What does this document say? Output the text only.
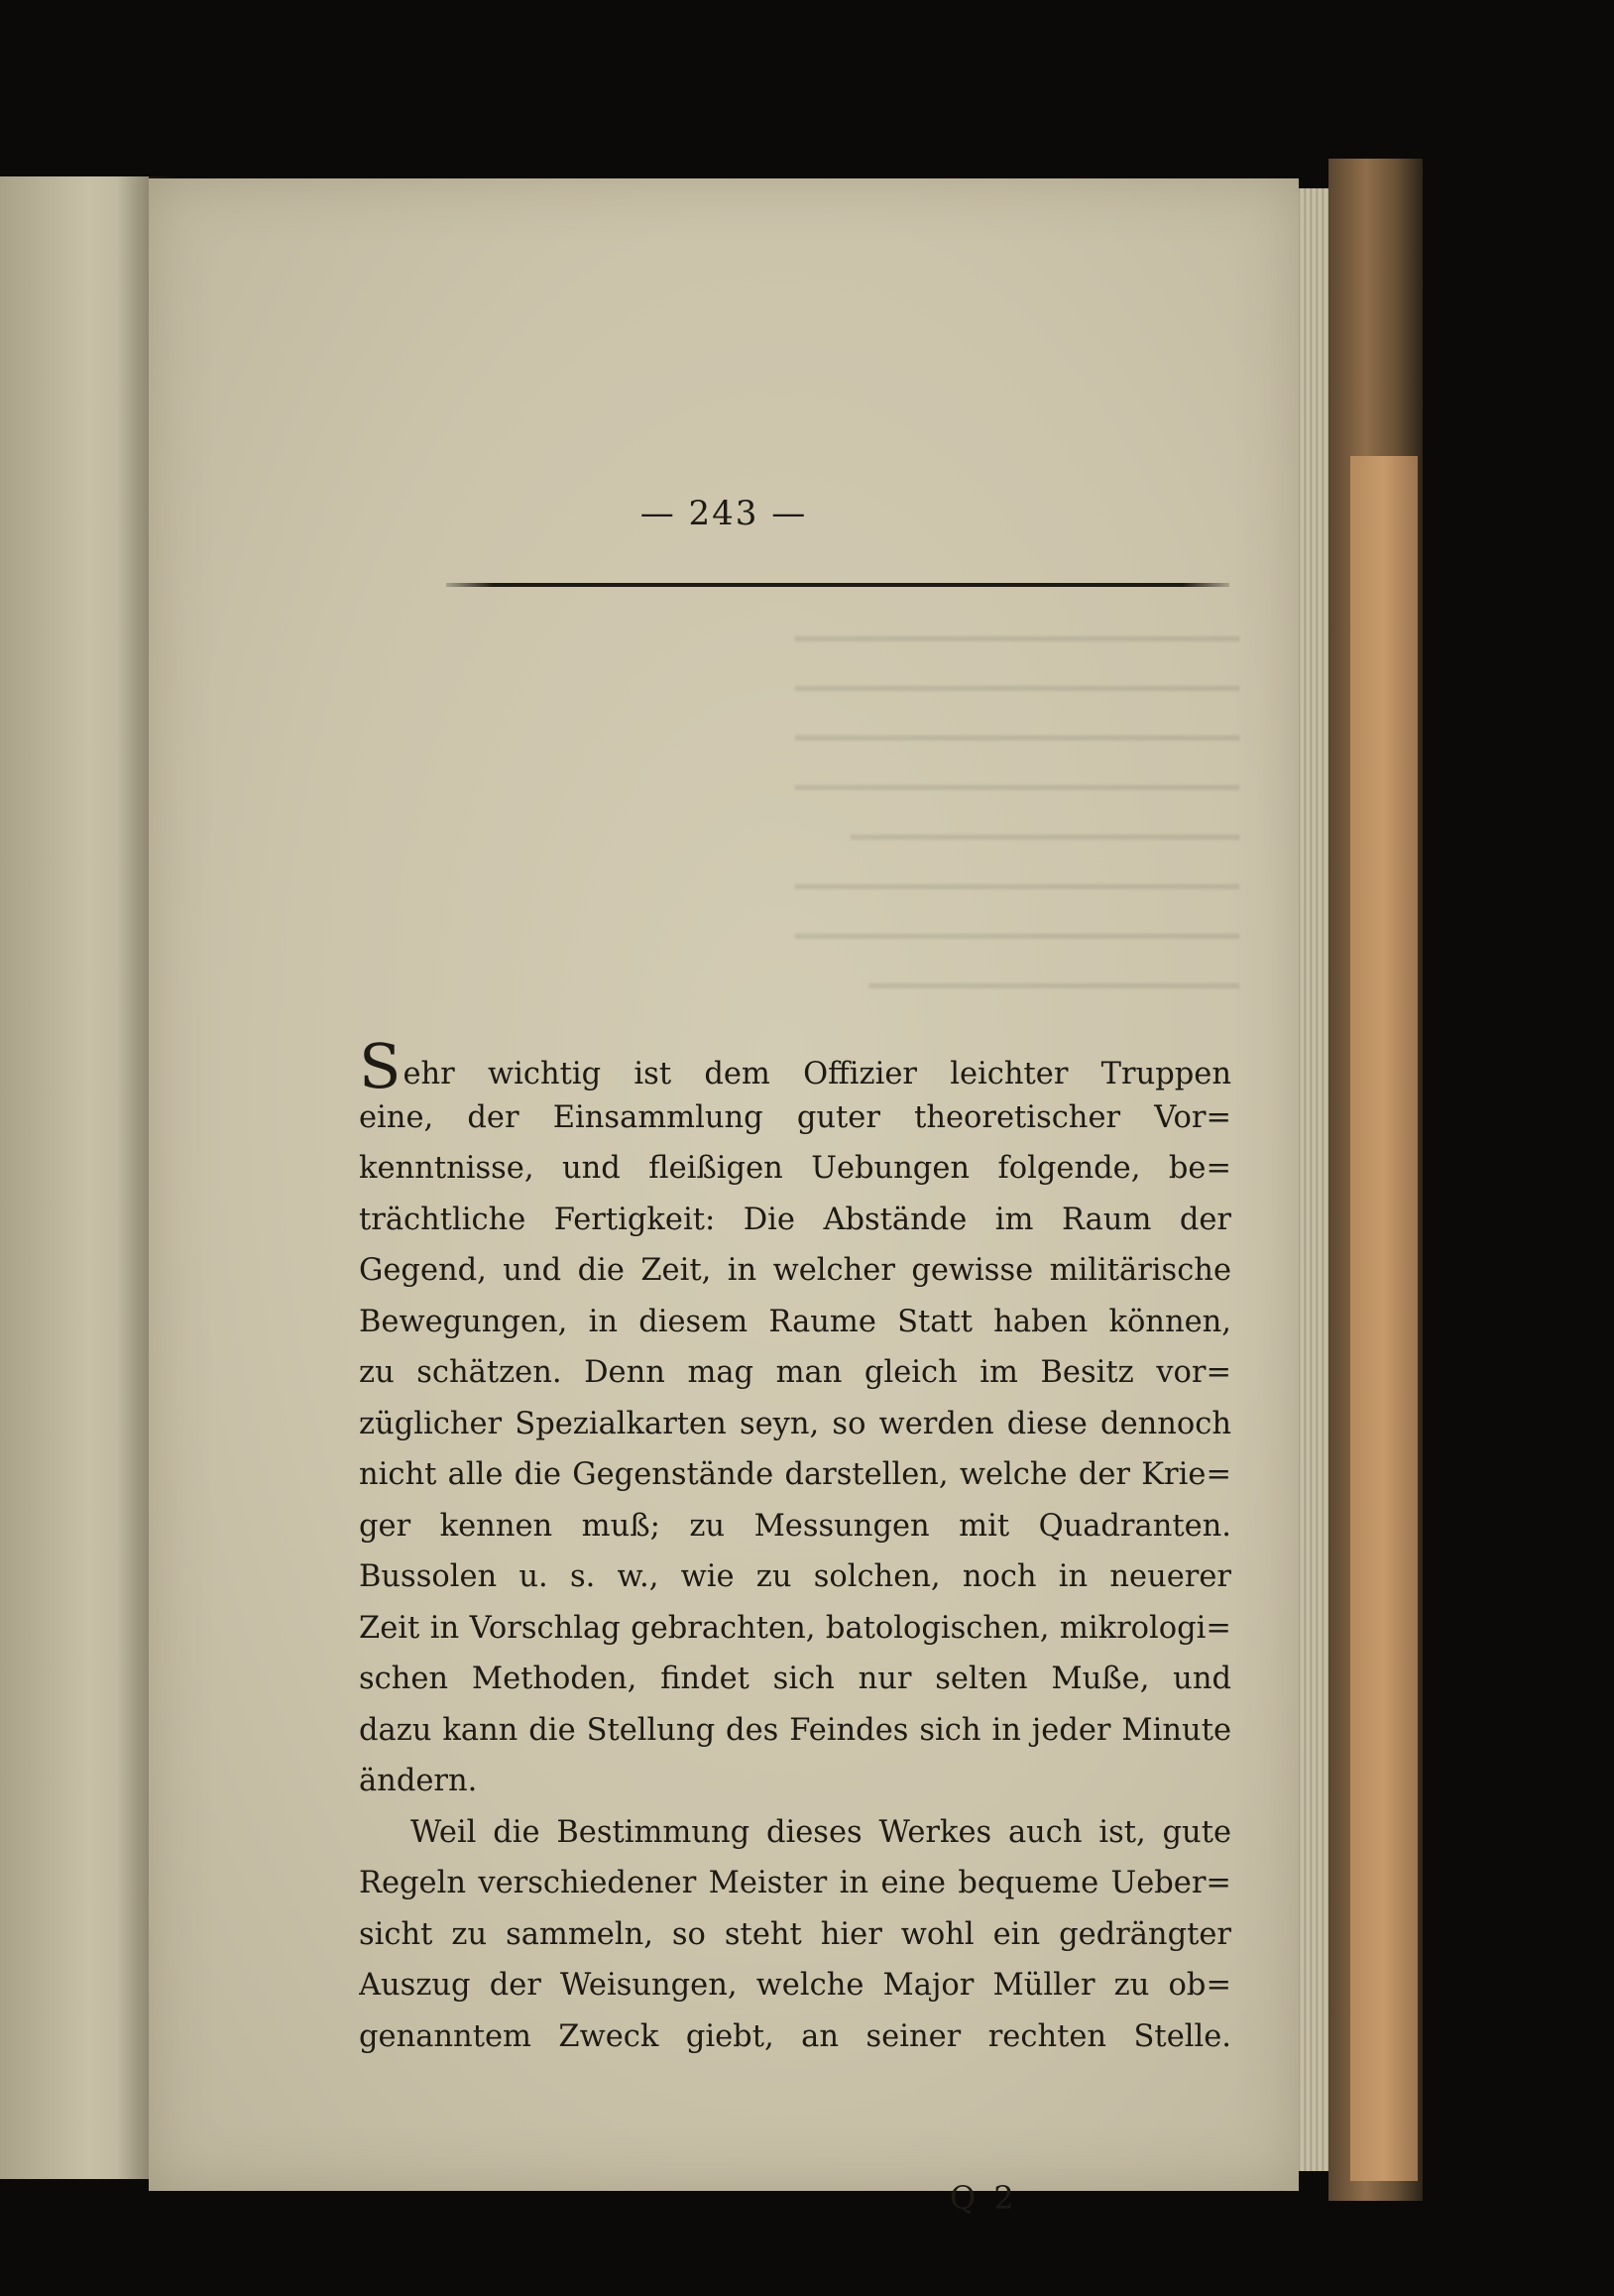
— 243 —
━━━━━━━━━━━━━━━━━━━━━━━━
━━━━━━━━━━━━━━━━━━━━━━━━
━━━━━━━━━━━━━━━━━━━━━━━━
━━━━━━━━━━━━━━━━━━━━━━━━
━━━━━━━━━━━━━━━━━━━━━
━━━━━━━━━━━━━━━━━━━━━━━━
━━━━━━━━━━━━━━━━━━━━━━━━
━━━━━━━━━━━━━━━━━━━━
Sehr wichtig ist dem Offizier leichter Truppen
eine, der Einsammlung guter theoretischer Vor=
kenntnisse, und fleißigen Uebungen folgende, be=
trächtliche Fertigkeit: Die Abstände im Raum der
Gegend, und die Zeit, in welcher gewisse militärische
Bewegungen, in diesem Raume Statt haben können,
zu schätzen. Denn mag man gleich im Besitz vor=
züglicher Spezialkarten seyn, so werden diese dennoch
nicht alle die Gegenstände darstellen, welche der Krie=
ger kennen muß; zu Messungen mit Quadranten.
Bussolen u. s. w., wie zu solchen, noch in neuerer
Zeit in Vorschlag gebrachten, batologischen, mikrologi=
schen Methoden, findet sich nur selten Muße, und
dazu kann die Stellung des Feindes sich in jeder Minute
ändern.
Weil die Bestimmung dieses Werkes auch ist, gute
Regeln verschiedener Meister in eine bequeme Ueber=
sicht zu sammeln, so steht hier wohl ein gedrängter
Auszug der Weisungen, welche Major Müller zu ob=
genanntem Zweck giebt, an seiner rechten Stelle.
Q 2
